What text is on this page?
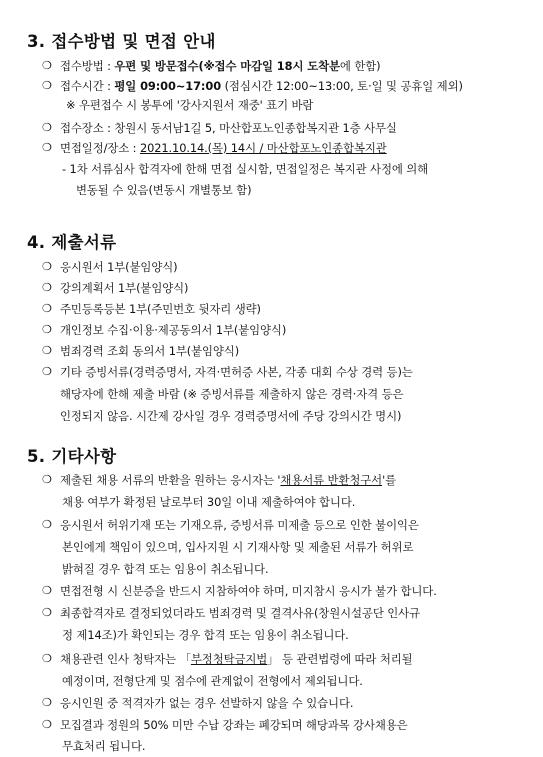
3. 접수방법 및 면접 안내
❍ 접수방법 : 우편 및 방문접수(※접수 마감일 18시 도착분에 한함)
❍ 접수시간 : 평일 09:00~17:00 (점심시간 12:00~13:00, 토·일 및 공휴일 제외)
※ 우편접수 시 봉투에 '강사지원서 재중' 표기 바람
❍ 접수장소 : 창원시 동서남1길 5, 마산합포노인종합복지관 1층 사무실
❍ 면접일정/장소 : 2021.10.14.(목) 14시 / 마산합포노인종합복지관
- 1차 서류심사 합격자에 한해 면접 실시함, 면접일정은 복지관 사정에 의해
변동될 수 있음(변동시 개별통보 함)
4. 제출서류
❍ 응시원서 1부(붙임양식)
❍ 강의계획서 1부(붙임양식)
❍ 주민등록등본 1부(주민번호 뒷자리 생략)
❍ 개인정보 수집·이용·제공동의서 1부(붙임양식)
❍ 범죄경력 조회 동의서 1부(붙임양식)
❍ 기타 증빙서류(경력증명서, 자격·면허증 사본, 각종 대회 수상 경력 등)는
해당자에 한해 제출 바람 (※ 증빙서류를 제출하지 않은 경력·자격 등은
인정되지 않음. 시간제 강사일 경우 경력증명서에 주당 강의시간 명시)
5. 기타사항
❍ 제출된 채용 서류의 반환을 원하는 응시자는 '채용서류 반환청구서'를
채용 여부가 확정된 날로부터 30일 이내 제출하여야 합니다.
❍ 응시원서 허위기재 또는 기재오류, 증빙서류 미제출 등으로 인한 불이익은
본인에게 책임이 있으며, 입사지원 시 기재사항 및 제출된 서류가 허위로
밝혀질 경우 합격 또는 임용이 취소됩니다.
❍ 면접전형 시 신분증을 반드시 지참하여야 하며, 미지참시 응시가 불가 합니다.
❍ 최종합격자로 결정되었더라도 범죄경력 및 결격사유(창원시설공단 인사규
정 제14조)가 확인되는 경우 합격 또는 임용이 취소됩니다.
❍ 채용관련 인사 청탁자는 「부정청탁금지법」 등 관련법령에 따라 처리될
예정이며, 전형단계 및 점수에 관계없이 전형에서 제외됩니다.
❍ 응시인원 중 적격자가 없는 경우 선발하지 않을 수 있습니다.
❍ 모집결과 정원의 50% 미만 수납 강좌는 폐강되며 해당과목 강사채용은
무효처리 됩니다.
